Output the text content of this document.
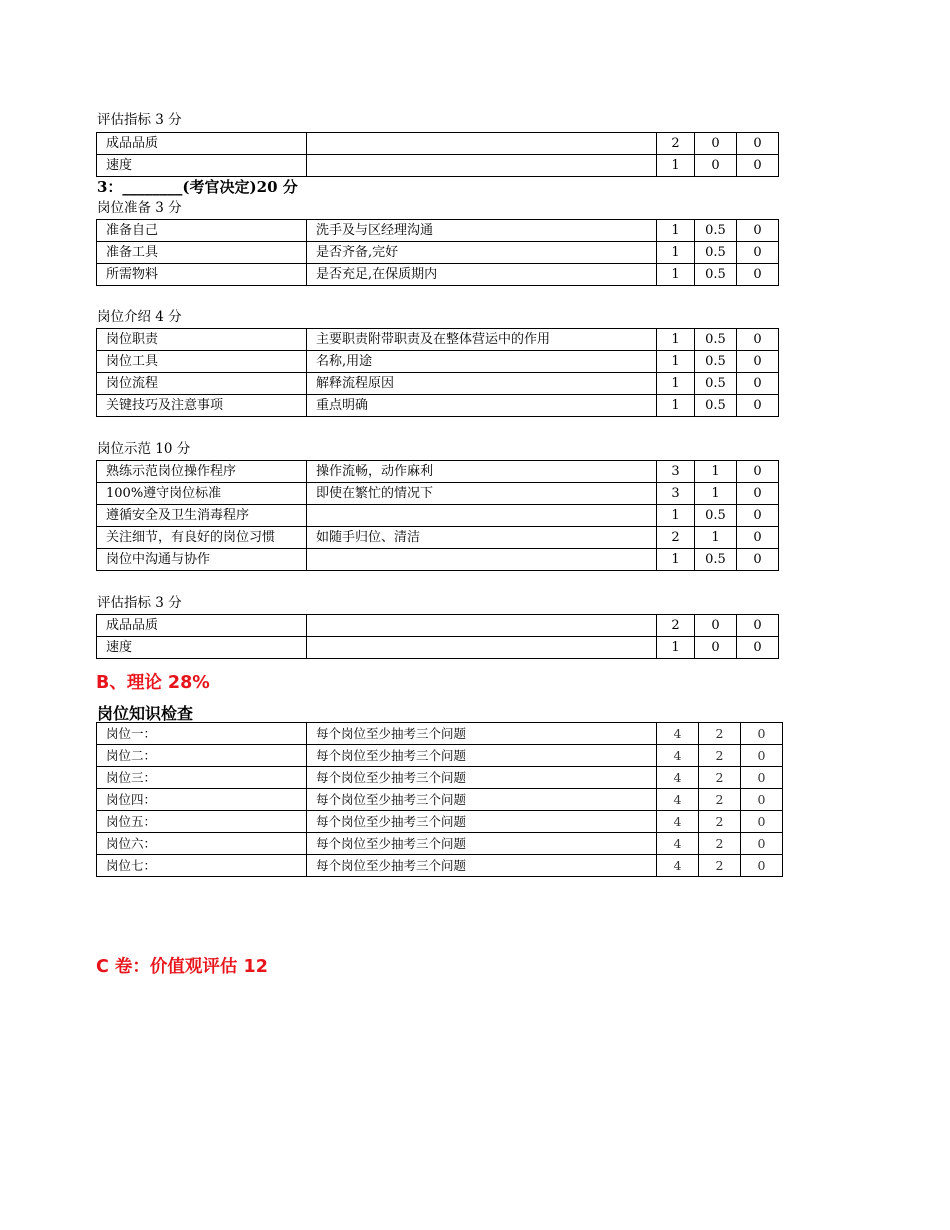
评估指标 3 分
成品品质		2	0	0
速度		1	0	0
3：________(考官决定)20 分
岗位准备 3 分
准备自己	洗手及与区经理沟通	1	0.5	0
准备工具	是否齐备,完好	1	0.5	0
所需物料	是否充足,在保质期内	1	0.5	0
岗位介绍 4 分
岗位职责	主要职责附带职责及在整体营运中的作用	1	0.5	0
岗位工具	名称,用途	1	0.5	0
岗位流程	解释流程原因	1	0.5	0
关键技巧及注意事项	重点明确	1	0.5	0
岗位示范 10 分
熟练示范岗位操作程序	操作流畅，动作麻利	3	1	0
100%遵守岗位标准	即使在繁忙的情况下	3	1	0
遵循安全及卫生消毒程序		1	0.5	0
关注细节，有良好的岗位习惯	如随手归位、清洁	2	1	0
岗位中沟通与协作		1	0.5	0
评估指标 3 分
成品品质		2	0	0
速度		1	0	0
B、理论 28%
岗位知识检查
岗位一：	每个岗位至少抽考三个问题	4	2	0
岗位二：	每个岗位至少抽考三个问题	4	2	0
岗位三：	每个岗位至少抽考三个问题	4	2	0
岗位四：	每个岗位至少抽考三个问题	4	2	0
岗位五：	每个岗位至少抽考三个问题	4	2	0
岗位六：	每个岗位至少抽考三个问题	4	2	0
岗位七：	每个岗位至少抽考三个问题	4	2	0
C 卷：价值观评估 12
